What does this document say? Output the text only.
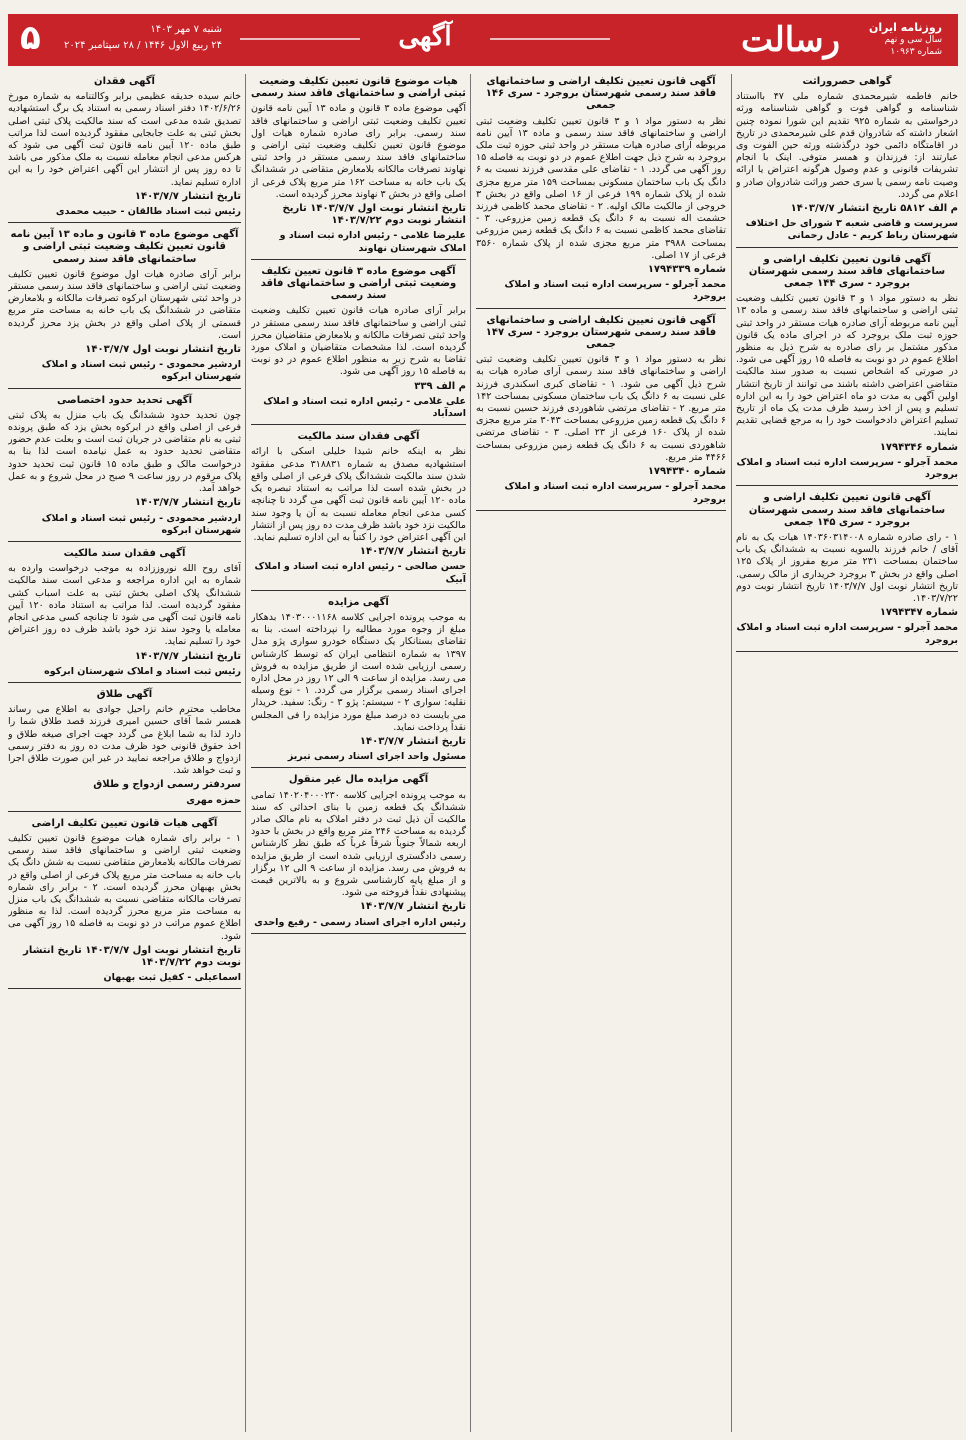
روزنامه ایران
سال سی و نهم
شماره ۱۰۹۶۳
رسالت
آگهی
شنبه ۷ مهر ۱۴۰۳
۲۴ ربیع الاول ۱۴۴۶ / ۲۸ سپتامبر ۲۰۲۴
۵
گواهی حصروراثت
خانم فاطمه شیرمحمدی شماره ملی ۴۷ بااستناد شناسنامه و گواهی فوت و گواهی شناسنامه ورثه درخواستی به شماره ۹۲۵ تقدیم این شورا نموده چنین اشعار داشته که شادروان قدم علی شیرمحمدی در تاریخ در اقامتگاه دائمی خود درگذشته ورثه حین الفوت وی عبارتند از: فرزندان و همسر متوفی. اینک با انجام تشریفات قانونی و عدم وصول هرگونه اعتراض یا ارائه وصیت نامه رسمی یا سری حصر وراثت شادروان صادر و اعلام می گردد.
م الف ۵۸۱۲ تاریخ انتشار ۱۴۰۳/۷/۷
سرپرست و قاضی شعبه ۳ شورای حل اختلاف شهرستان رباط کریم - عادل رحمانی
آگهی قانون تعیین تکلیف اراضی و ساختمانهای فاقد سند رسمی شهرستان بروجرد - سری ۱۴۴ جمعی
نظر به دستور مواد ۱ و ۳ قانون تعیین تکلیف وضعیت ثبتی اراضی و ساختمانهای فاقد سند رسمی و ماده ۱۳ آیین نامه مربوطه آرای صادره هیات مستقر در واحد ثبتی حوزه ثبت ملک بروجرد که در اجرای ماده یک قانون مذکور مشتمل بر رای صادره به شرح ذیل به منظور اطلاع عموم در دو نوبت به فاصله ۱۵ روز آگهی می شود. در صورتی که اشخاص نسبت به صدور سند مالکیت متقاضی اعتراضی داشته باشند می توانند از تاریخ انتشار اولین آگهی به مدت دو ماه اعتراض خود را به این اداره تسلیم و پس از اخذ رسید ظرف مدت یک ماه از تاریخ تسلیم اعتراض دادخواست خود را به مرجع قضایی تقدیم نمایند.
شماره ۱۷۹۴۳۴۶
محمد آجرلو - سرپرست اداره ثبت اسناد و املاک بروجرد
آگهی قانون تعیین تکلیف اراضی و ساختمانهای فاقد سند رسمی شهرستان بروجرد - سری ۱۴۵ جمعی
۱ - رای صادره شماره ۱۴۰۳۶۰۳۱۴۰۰۸ هیات یک به نام آقای / خانم فرزند بالسویه نسبت به ششدانگ یک باب ساختمان بمساحت ۲۳۱ متر مربع مفروز از پلاک ۱۲۵ اصلی واقع در بخش ۳ بروجرد خریداری از مالک رسمی. تاریخ انتشار نوبت اول ۱۴۰۳/۷/۷ تاریخ انتشار نوبت دوم ۱۴۰۳/۷/۲۲.
شماره ۱۷۹۴۳۴۷
محمد آجرلو - سرپرست اداره ثبت اسناد و املاک بروجرد
آگهی قانون تعیین تکلیف اراضی و ساختمانهای فاقد سند رسمی شهرستان بروجرد - سری ۱۴۶ جمعی
نظر به دستور مواد ۱ و ۳ قانون تعیین تکلیف وضعیت ثبتی اراضی و ساختمانهای فاقد سند رسمی و ماده ۱۳ آیین نامه مربوطه آرای صادره هیات مستقر در واحد ثبتی حوزه ثبت ملک بروجرد به شرح ذیل جهت اطلاع عموم در دو نوبت به فاصله ۱۵ روز آگهی می گردد. ۱ - تقاضای علی مقدسی فرزند نسبت به ۶ دانگ یک باب ساختمان مسکونی بمساحت ۱۵۹ متر مربع مجزی شده از پلاک شماره ۱۹۹ فرعی از ۱۶ اصلی واقع در بخش ۳ خروجی از مالکیت مالک اولیه. ۲ - تقاضای محمد کاظمی فرزند حشمت اله نسبت به ۶ دانگ یک قطعه زمین مزروعی. ۳ - تقاضای محمد کاظمی نسبت به ۶ دانگ یک قطعه زمین مزروعی بمساحت ۳۹۸۸ متر مربع مجزی شده از پلاک شماره ۳۵۶۰ فرعی از ۱۷ اصلی.
شماره ۱۷۹۴۳۳۹
محمد آجرلو - سرپرست اداره ثبت اسناد و املاک بروجرد
آگهی قانون تعیین تکلیف اراضی و ساختمانهای فاقد سند رسمی شهرستان بروجرد - سری ۱۴۷ جمعی
نظر به دستور مواد ۱ و ۳ قانون تعیین تکلیف وضعیت ثبتی اراضی و ساختمانهای فاقد سند رسمی آرای صادره هیات به شرح ذیل آگهی می شود. ۱ - تقاضای کبری اسکندری فرزند علی نسبت به ۶ دانگ یک باب ساختمان مسکونی بمساحت ۱۴۲ متر مربع. ۲ - تقاضای مرتضی شاهوردی فرزند حسین نسبت به ۶ دانگ یک قطعه زمین مزروعی بمساحت ۳۰۴۳ متر مربع مجزی شده از پلاک ۱۶۰ فرعی از ۲۳ اصلی. ۳ - تقاضای مرتضی شاهوردی نسبت به ۶ دانگ یک قطعه زمین مزروعی بمساحت ۴۴۶۶ متر مربع.
شماره ۱۷۹۴۳۴۰
محمد آجرلو - سرپرست اداره ثبت اسناد و املاک بروجرد
هیات موضوع قانون تعیین تکلیف وضعیت ثبتی اراضی و ساختمانهای فاقد سند رسمی
آگهی موضوع ماده ۳ قانون و ماده ۱۳ آیین نامه قانون تعیین تکلیف وضعیت ثبتی اراضی و ساختمانهای فاقد سند رسمی. برابر رای صادره شماره هیات اول موضوع قانون تعیین تکلیف وضعیت ثبتی اراضی و ساختمانهای فاقد سند رسمی مستقر در واحد ثبتی نهاوند تصرفات مالکانه بلامعارض متقاضی در ششدانگ یک باب خانه به مساحت ۱۶۲ متر مربع پلاک فرعی از اصلی واقع در بخش ۳ نهاوند محرز گردیده است.
تاریخ انتشار نوبت اول ۱۴۰۳/۷/۷ تاریخ انتشار نوبت دوم ۱۴۰۳/۷/۲۲
علیرضا غلامی - رئیس اداره ثبت اسناد و املاک شهرستان نهاوند
آگهی موضوع ماده ۳ قانون تعیین تکلیف وضعیت ثبتی اراضی و ساختمانهای فاقد سند رسمی
برابر آرای صادره هیات قانون تعیین تکلیف وضعیت ثبتی اراضی و ساختمانهای فاقد سند رسمی مستقر در واحد ثبتی تصرفات مالکانه و بلامعارض متقاضیان محرز گردیده است. لذا مشخصات متقاضیان و املاک مورد تقاضا به شرح زیر به منظور اطلاع عموم در دو نوبت به فاصله ۱۵ روز آگهی می شود.
م الف ۳۳۹
علی غلامی - رئیس اداره ثبت اسناد و املاک اسدآباد
آگهی فقدان سند مالکیت
نظر به اینکه خانم شیدا خلیلی اسکی با ارائه استشهادیه مصدق به شماره ۳۱۸۸۳۱ مدعی مفقود شدن سند مالکیت ششدانگ پلاک فرعی از اصلی واقع در بخش شده است لذا مراتب به استناد تبصره یک ماده ۱۲۰ آیین نامه قانون ثبت آگهی می گردد تا چنانچه کسی مدعی انجام معامله نسبت به آن یا وجود سند مالکیت نزد خود باشد ظرف مدت ده روز پس از انتشار این آگهی اعتراض خود را کتباً به این اداره تسلیم نماید.
تاریخ انتشار ۱۴۰۳/۷/۷
حسن صالحی - رئیس اداره ثبت اسناد و املاک آبیک
آگهی مزایده
به موجب پرونده اجرایی کلاسه ۱۴۰۳۰۰۰۱۱۶۸ بدهکار مبلغ از وجوه مورد مطالبه را نپرداخته است. بنا به تقاضای بستانکار یک دستگاه خودرو سواری پژو مدل ۱۳۹۷ به شماره انتظامی ایران که توسط کارشناس رسمی ارزیابی شده است از طریق مزایده به فروش می رسد. مزایده از ساعت ۹ الی ۱۲ روز در محل اداره اجرای اسناد رسمی برگزار می گردد. ۱ - نوع وسیله نقلیه: سواری ۲ - سیستم: پژو ۳ - رنگ: سفید. خریدار می بایست ده درصد مبلغ مورد مزایده را فی المجلس نقداً پرداخت نماید.
تاریخ انتشار ۱۴۰۳/۷/۷
مسئول واحد اجرای اسناد رسمی تبریز
آگهی مزایده مال غیر منقول
به موجب پرونده اجرایی کلاسه ۱۴۰۲۰۴۰۰۰۲۳۰ تمامی ششدانگ یک قطعه زمین با بنای احداثی که سند مالکیت آن ذیل ثبت در دفتر املاک به نام مالک صادر گردیده به مساحت ۲۴۶ متر مربع واقع در بخش با حدود اربعه شمالاً جنوباً شرقاً غرباً که طبق نظر کارشناس رسمی دادگستری ارزیابی شده است از طریق مزایده به فروش می رسد. مزایده از ساعت ۹ الی ۱۲ برگزار و از مبلغ پایه کارشناسی شروع و به بالاترین قیمت پیشنهادی نقداً فروخته می شود.
تاریخ انتشار ۱۴۰۳/۷/۷
رئیس اداره اجرای اسناد رسمی - رفیع واحدی
آگهی فقدان
خانم سیده حدیقه عظیمی برابر وکالتنامه به شماره مورخ ۱۴۰۲/۶/۲۶ دفتر اسناد رسمی به استناد یک برگ استشهادیه تصدیق شده مدعی است که سند مالکیت پلاک ثبتی اصلی بخش ثبتی به علت جابجایی مفقود گردیده است لذا مراتب طبق ماده ۱۲۰ آیین نامه قانون ثبت آگهی می شود که هرکس مدعی انجام معامله نسبت به ملک مذکور می باشد تا ده روز پس از انتشار این آگهی اعتراض خود را به این اداره تسلیم نماید.
تاریخ انتشار ۱۴۰۳/۷/۷
رئیس ثبت اسناد طالقان - حبیب محمدی
آگهی موضوع ماده ۳ قانون و ماده ۱۳ آیین نامه قانون تعیین تکلیف وضعیت ثبتی اراضی و ساختمانهای فاقد سند رسمی
برابر آرای صادره هیات اول موضوع قانون تعیین تکلیف وضعیت ثبتی اراضی و ساختمانهای فاقد سند رسمی مستقر در واحد ثبتی شهرستان ابرکوه تصرفات مالکانه و بلامعارض متقاضی در ششدانگ یک باب خانه به مساحت متر مربع قسمتی از پلاک اصلی واقع در بخش یزد محرز گردیده است.
تاریخ انتشار نوبت اول ۱۴۰۳/۷/۷
اردشیر محمودی - رئیس ثبت اسناد و املاک شهرستان ابرکوه
آگهی تحدید حدود اختصاصی
چون تحدید حدود ششدانگ یک باب منزل به پلاک ثبتی فرعی از اصلی واقع در ابرکوه بخش یزد که طبق پرونده ثبتی به نام متقاضی در جریان ثبت است و بعلت عدم حضور متقاضی تحدید حدود به عمل نیامده است لذا بنا به درخواست مالک و طبق ماده ۱۵ قانون ثبت تحدید حدود پلاک مرقوم در روز ساعت ۹ صبح در محل شروع و به عمل خواهد آمد.
تاریخ انتشار ۱۴۰۳/۷/۷
اردشیر محمودی - رئیس ثبت اسناد و املاک شهرستان ابرکوه
آگهی فقدان سند مالکیت
آقای روح الله نوروززاده به موجب درخواست وارده به شماره به این اداره مراجعه و مدعی است سند مالکیت ششدانگ پلاک اصلی بخش ثبتی به علت اسباب کشی مفقود گردیده است. لذا مراتب به استناد ماده ۱۲۰ آیین نامه قانون ثبت آگهی می شود تا چنانچه کسی مدعی انجام معامله یا وجود سند نزد خود باشد ظرف ده روز اعتراض خود را تسلیم نماید.
تاریخ انتشار ۱۴۰۳/۷/۷
رئیس ثبت اسناد و املاک شهرستان ابرکوه
آگهی طلاق
مخاطب محترم خانم راحیل جوادی به اطلاع می رساند همسر شما آقای حسین امیری فرزند قصد طلاق شما را دارد لذا به شما ابلاغ می گردد جهت اجرای صیغه طلاق و اخذ حقوق قانونی خود ظرف مدت ده روز به دفتر رسمی ازدواج و طلاق مراجعه نمایید در غیر این صورت طلاق اجرا و ثبت خواهد شد.
سردفتر رسمی ازدواج و طلاق
حمزه مهری
آگهی هیات قانون تعیین تکلیف اراضی
۱ - برابر رای شماره هیات موضوع قانون تعیین تکلیف وضعیت ثبتی اراضی و ساختمانهای فاقد سند رسمی تصرفات مالکانه بلامعارض متقاضی نسبت به شش دانگ یک باب خانه به مساحت متر مربع پلاک فرعی از اصلی واقع در بخش بهبهان محرز گردیده است. ۲ - برابر رای شماره تصرفات مالکانه متقاضی نسبت به ششدانگ یک باب منزل به مساحت متر مربع محرز گردیده است. لذا به منظور اطلاع عموم مراتب در دو نوبت به فاصله ۱۵ روز آگهی می شود.
تاریخ انتشار نوبت اول ۱۴۰۳/۷/۷ تاریخ انتشار نوبت دوم ۱۴۰۳/۷/۲۲
اسماعیلی - کفیل ثبت بهبهان
